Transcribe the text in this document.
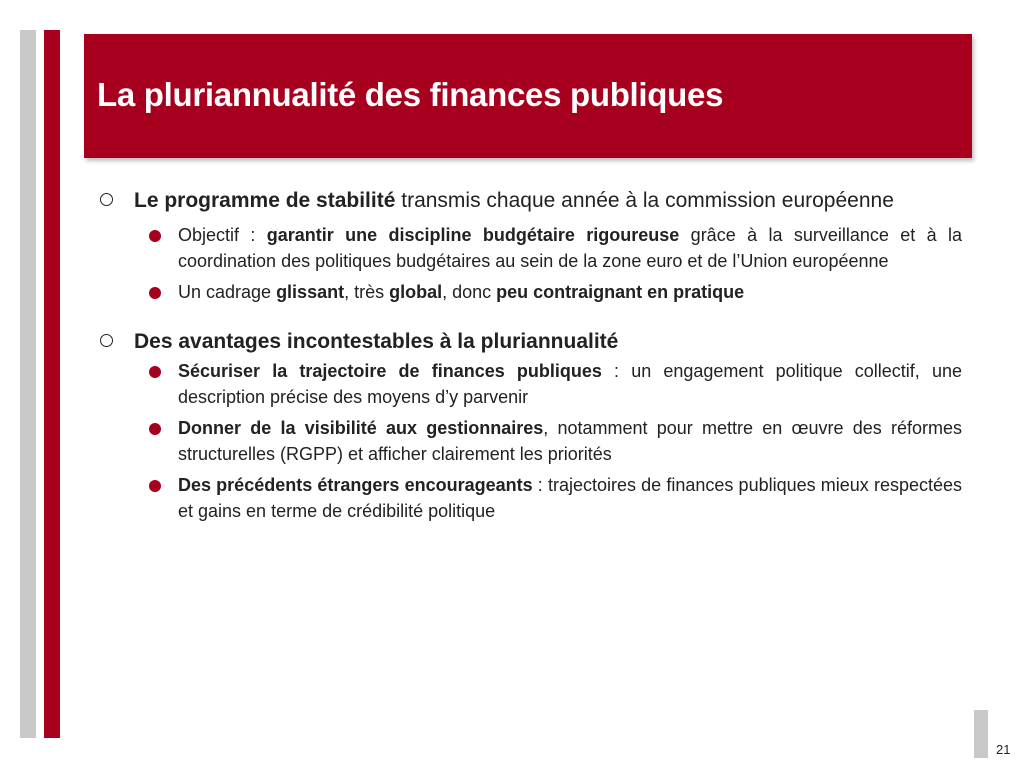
La pluriannualité des finances publiques
Le programme de stabilité transmis chaque année à la commission européenne
Objectif : garantir une discipline budgétaire rigoureuse grâce à la surveillance et à la coordination des politiques budgétaires au sein de la zone euro et de l’Union européenne
Un cadrage glissant, très global, donc peu contraignant en pratique
Des avantages incontestables à la pluriannualité
Sécuriser la trajectoire de finances publiques : un engagement politique collectif, une description précise des moyens d’y parvenir
Donner de la visibilité aux gestionnaires, notamment pour mettre en œuvre des réformes structurelles (RGPP) et afficher clairement les priorités
Des précédents étrangers encourageants : trajectoires de finances publiques mieux respectées et gains en terme de crédibilité politique
21
